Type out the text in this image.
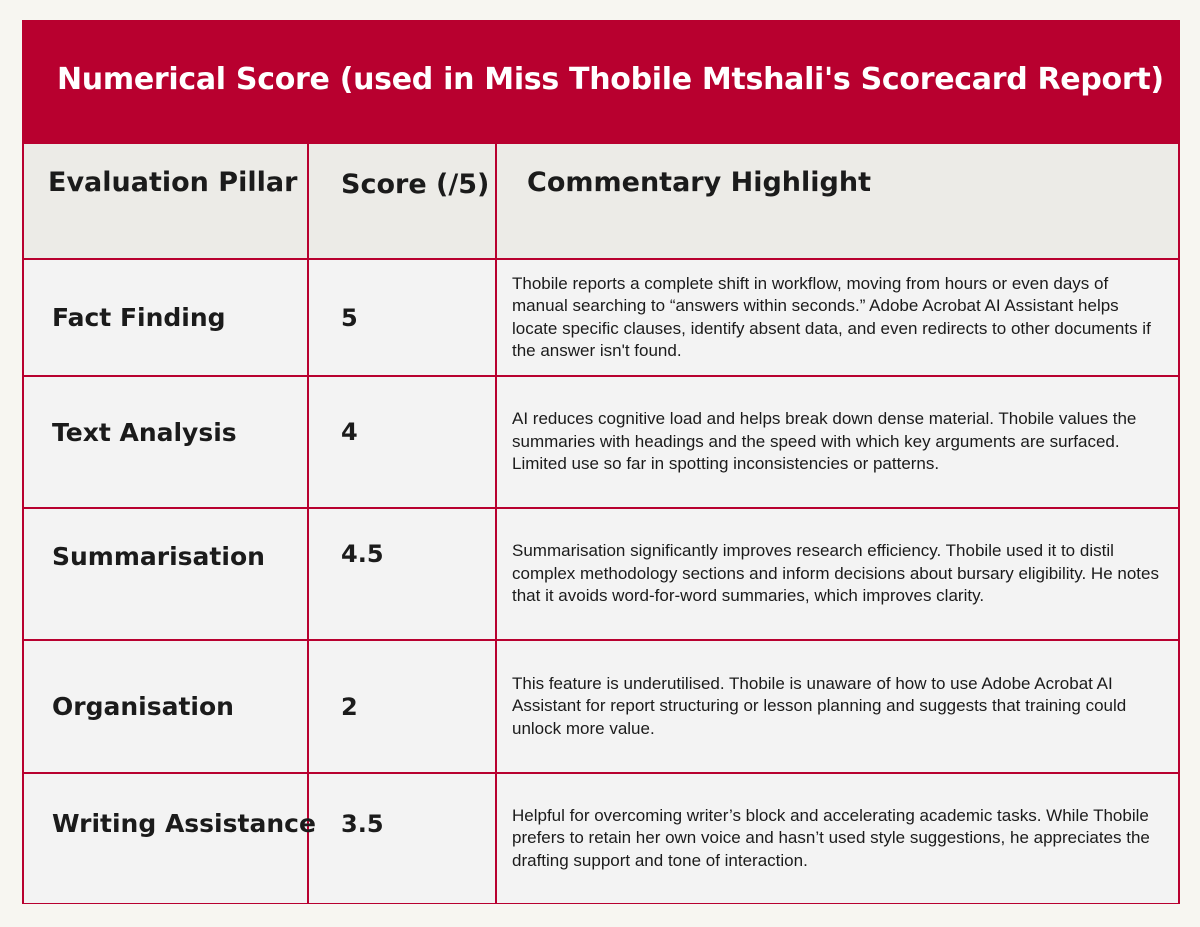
Numerical Score (used in Miss Thobile Mtshali's Scorecard Report)
Evaluation Pillar	Score (/5)	Commentary Highlight
Fact Finding	5	Thobile reports a complete shift in workflow, moving from hours or even days of manual searching to “answers within seconds.” Adobe Acrobat AI Assistant helps locate specific clauses, identify absent data, and even redirects to other documents if the answer isn't found.
Text Analysis	4	AI reduces cognitive load and helps break down dense material. Thobile values the summaries with headings and the speed with which key arguments are surfaced. Limited use so far in spotting inconsistencies or patterns.
Summarisation	4.5	Summarisation significantly improves research efficiency. Thobile used it to distil complex methodology sections and inform decisions about bursary eligibility. He notes that it avoids word-for-word summaries, which improves clarity.
Organisation	2	This feature is underutilised. Thobile is unaware of how to use Adobe Acrobat AI Assistant for report structuring or lesson planning and suggests that training could unlock more value.
Writing Assistance	3.5	Helpful for overcoming writer’s block and accelerating academic tasks. While Thobile prefers to retain her own voice and hasn’t used style suggestions, he appreciates the drafting support and tone of interaction.
